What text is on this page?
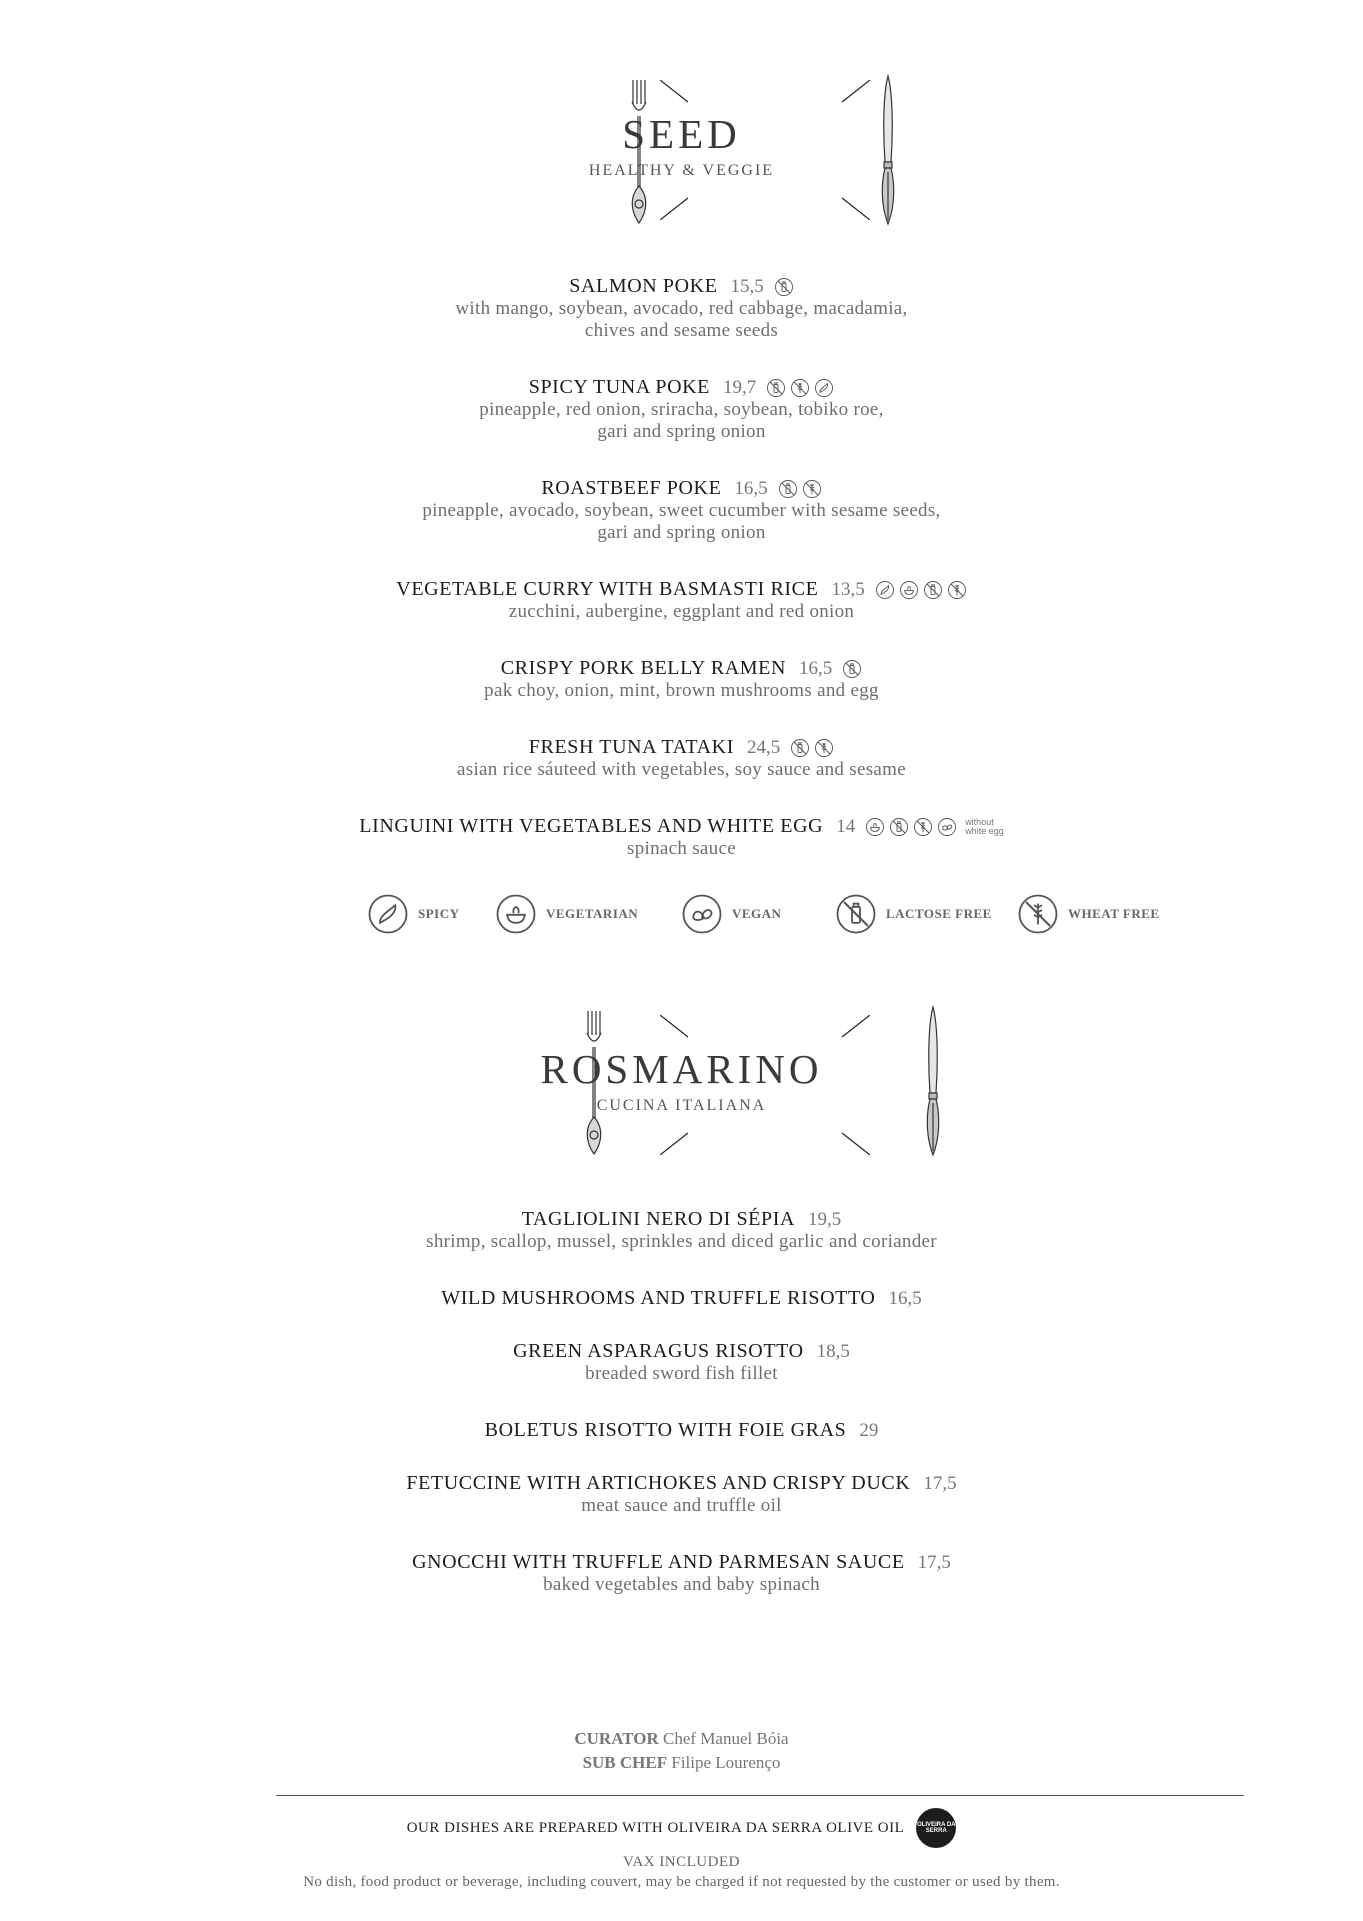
SEED
HEALTHY & VEGGIE
SALMON POKE 15,5
with mango, soybean, avocado, red cabbage, macadamia,
chives and sesame seeds
SPICY TUNA POKE 19,7
pineapple, red onion, sriracha, soybean, tobiko roe,
gari and spring onion
ROASTBEEF POKE 16,5
pineapple, avocado, soybean, sweet cucumber with sesame seeds,
gari and spring onion
VEGETABLE CURRY WITH BASMASTI RICE 13,5
zucchini, aubergine, eggplant and red onion
CRISPY PORK BELLY RAMEN 16,5
pak choy, onion, mint, brown mushrooms and egg
FRESH TUNA TATAKI 24,5
asian rice sáuteed with vegetables, soy sauce and sesame
LINGUINI WITH VEGETABLES AND WHITE EGG 14	without
white egg
spinach sauce
SPICY	VEGETARIAN	VEGAN	LACTOSE FREE	WHEAT FREE
ROSMARINO
CUCINA ITALIANA
TAGLIOLINI NERO DI SÉPIA 19,5
shrimp, scallop, mussel, sprinkles and diced garlic and coriander
WILD MUSHROOMS AND TRUFFLE RISOTTO 16,5
GREEN ASPARAGUS RISOTTO 18,5
breaded sword fish fillet
BOLETUS RISOTTO WITH FOIE GRAS 29
FETUCCINE WITH ARTICHOKES AND CRISPY DUCK 17,5
meat sauce and truffle oil
GNOCCHI WITH TRUFFLE AND PARMESAN SAUCE 17,5
baked vegetables and baby spinach
CURATOR Chef Manuel Bóia
SUB CHEF Filipe Lourenço
OUR DISHES ARE PREPARED WITH OLIVEIRA DA SERRA OLIVE OIL OLIVEIRA DA SERRA
VAX INCLUDED
No dish, food product or beverage, including couvert, may be charged if not requested by the customer or used by them.
